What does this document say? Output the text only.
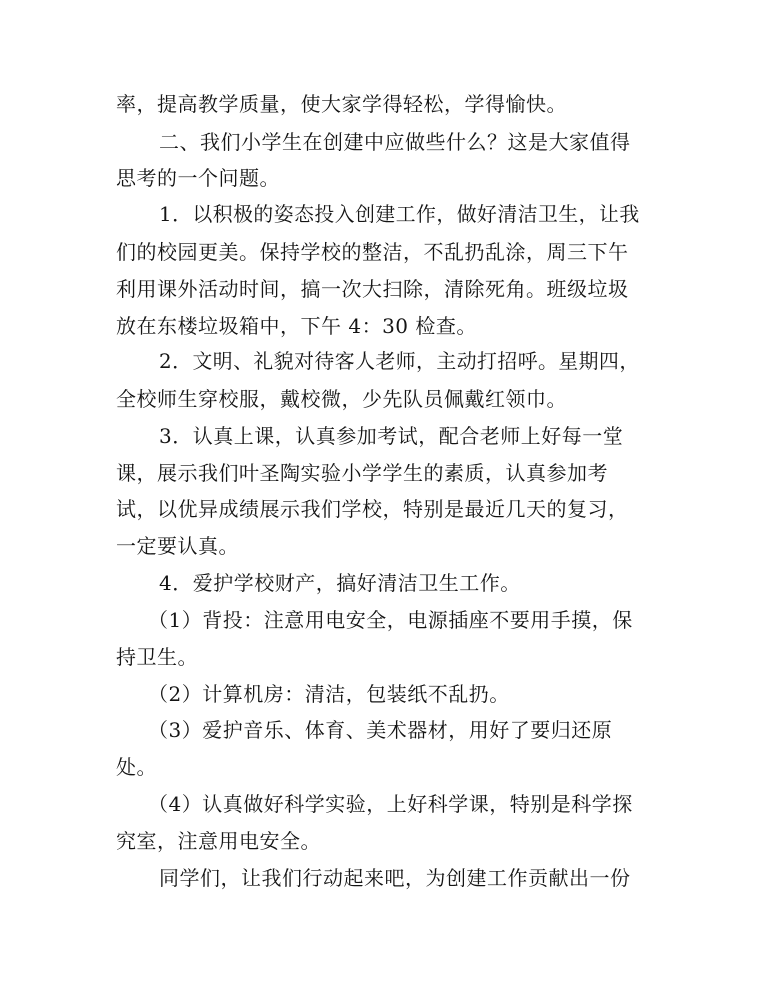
率，提高教学质量，使大家学得轻松，学得愉快。
二、我们小学生在创建中应做些什么？这是大家值得
思考的一个问题。
1．以积极的姿态投入创建工作，做好清洁卫生，让我
们的校园更美。保持学校的整洁，不乱扔乱涂，周三下午
利用课外活动时间，搞一次大扫除，清除死角。班级垃圾
放在东楼垃圾箱中，下午 4：30 检查。
2．文明、礼貌对待客人老师，主动打招呼。星期四，
全校师生穿校服，戴校微，少先队员佩戴红领巾。
3．认真上课，认真参加考试，配合老师上好每一堂
课，展示我们叶圣陶实验小学学生的素质，认真参加考
试，以优异成绩展示我们学校，特别是最近几天的复习，
一定要认真。
4．爱护学校财产，搞好清洁卫生工作。
（1）背投：注意用电安全，电源插座不要用手摸，保
持卫生。
（2）计算机房：清洁，包装纸不乱扔。
（3）爱护音乐、体育、美术器材，用好了要归还原
处。
（4）认真做好科学实验，上好科学课，特别是科学探
究室，注意用电安全。
同学们，让我们行动起来吧，为创建工作贡献出一份
